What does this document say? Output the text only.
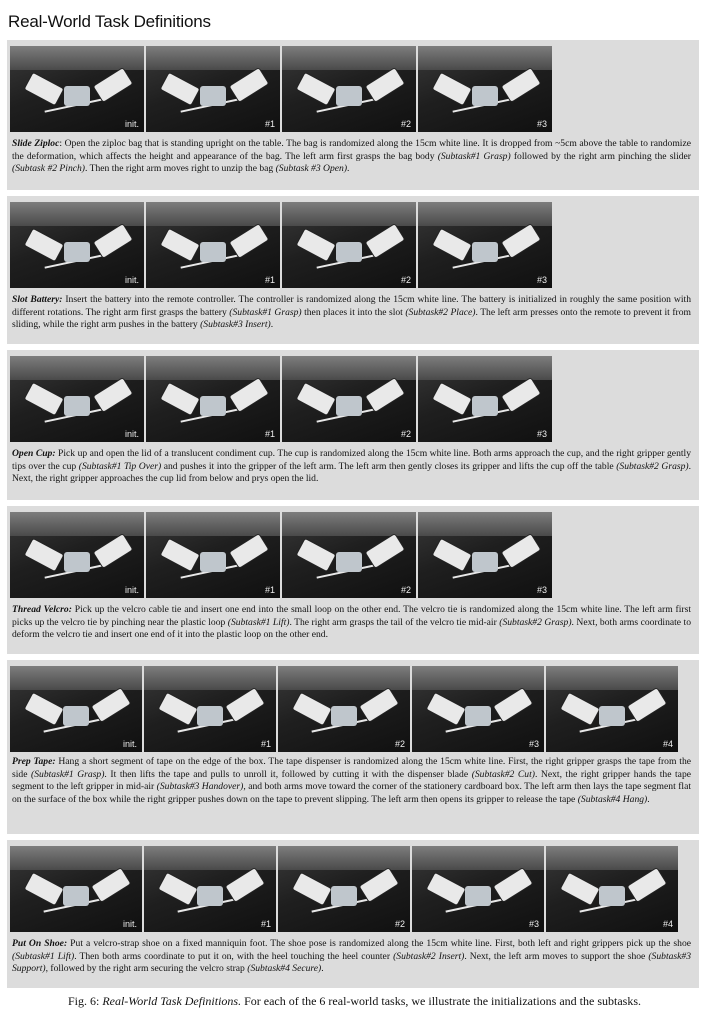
Real-World Task Definitions
init.	#1	#2	#3
Slide Ziploc: Open the ziploc bag that is standing upright on the table. The bag is randomized along the 15cm white line. It is dropped from ~5cm above the table to randomize the deformation, which affects the height and appearance of the bag. The left arm first grasps the bag body (Subtask#1 Grasp) followed by the right arm pinching the slider (Subtask #2 Pinch). Then the right arm moves right to unzip the bag (Subtask #3 Open).
init.	#1	#2	#3
Slot Battery: Insert the battery into the remote controller. The controller is randomized along the 15cm white line. The battery is initialized in roughly the same position with different rotations. The right arm first grasps the battery (Subtask#1 Grasp) then places it into the slot (Subtask#2 Place). The left arm presses onto the remote to prevent it from sliding, while the right arm pushes in the battery (Subtask#3 Insert).
init.	#1	#2	#3
Open Cup: Pick up and open the lid of a translucent condiment cup. The cup is randomized along the 15cm white line. Both arms approach the cup, and the right gripper gently tips over the cup (Subtask#1 Tip Over) and pushes it into the gripper of the left arm. The left arm then gently closes its gripper and lifts the cup off the table (Subtask#2 Grasp). Next, the right gripper approaches the cup lid from below and prys open the lid.
init.	#1	#2	#3
Thread Velcro: Pick up the velcro cable tie and insert one end into the small loop on the other end. The velcro tie is randomized along the 15cm white line. The left arm first picks up the velcro tie by pinching near the plastic loop (Subtask#1 Lift). The right arm grasps the tail of the velcro tie mid-air (Subtask#2 Grasp). Next, both arms coordinate to deform the velcro tie and insert one end of it into the plastic loop on the other end.
init.	#1	#2	#3	#4
Prep Tape: Hang a short segment of tape on the edge of the box. The tape dispenser is randomized along the 15cm white line. First, the right gripper grasps the tape from the side (Subtask#1 Grasp). It then lifts the tape and pulls to unroll it, followed by cutting it with the dispenser blade (Subtask#2 Cut). Next, the right gripper hands the tape segment to the left gripper in mid-air (Subtask#3 Handover), and both arms move toward the corner of the stationery cardboard box. The left arm then lays the tape segment flat on the surface of the box while the right gripper pushes down on the tape to prevent slipping. The left arm then opens its gripper to release the tape (Subtask#4 Hang).
init.	#1	#2	#3	#4
Put On Shoe: Put a velcro-strap shoe on a fixed manniquin foot. The shoe pose is randomized along the 15cm white line. First, both left and right grippers pick up the shoe (Subtask#1 Lift). Then both arms coordinate to put it on, with the heel touching the heel counter (Subtask#2 Insert). Next, the left arm moves to support the shoe (Subtask#3 Support), followed by the right arm securing the velcro strap (Subtask#4 Secure).
Fig. 6: Real-World Task Definitions. For each of the 6 real-world tasks, we illustrate the initializations and the subtasks.
